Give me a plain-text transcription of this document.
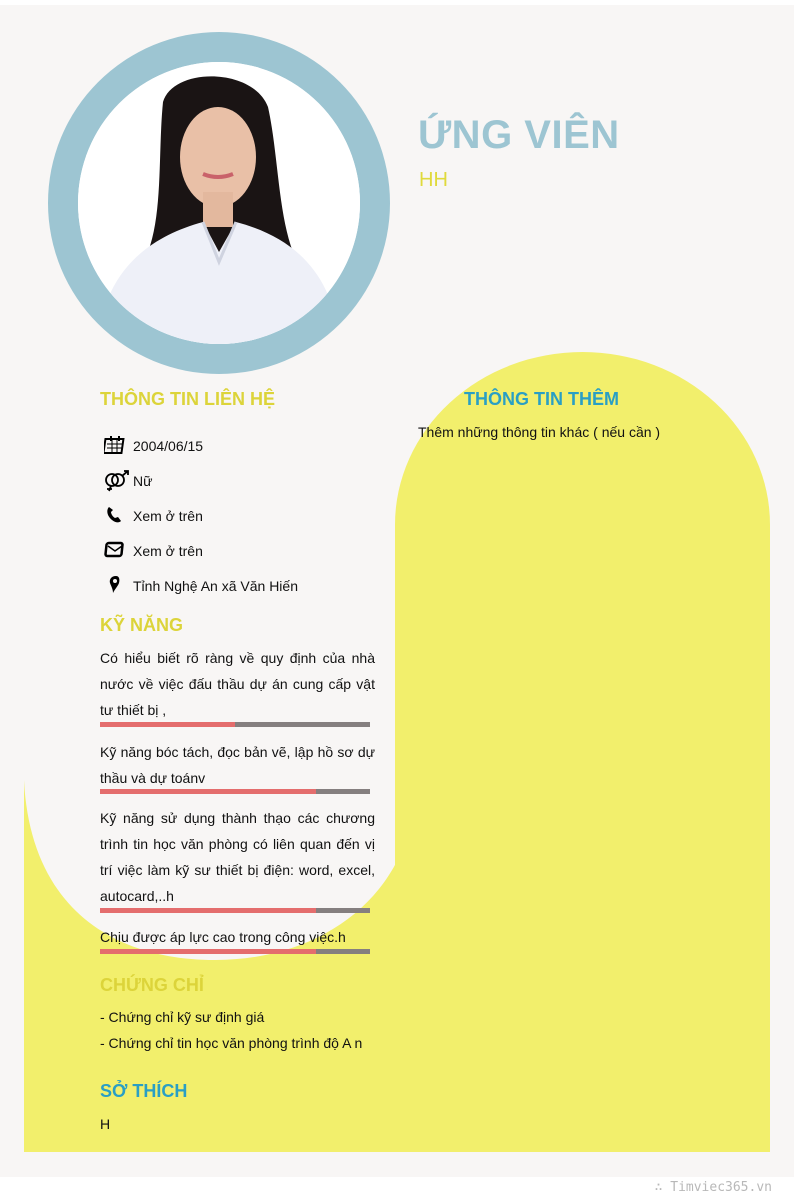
ỨNG VIÊN
HH
THÔNG TIN LIÊN HỆ
2004/06/15
Nữ
Xem ở trên
Xem ở trên
Tỉnh Nghệ An xã Văn Hiến
KỸ NĂNG
Có hiểu biết rõ ràng về quy định của nhà nước về việc đấu thầu dự án cung cấp vật tư thiết bị ,
Kỹ năng bóc tách, đọc bản vẽ, lập hồ sơ dự thầu và dự toánv
Kỹ năng sử dụng thành thạo các chương trình tin học văn phòng có liên quan đến vị trí việc làm kỹ sư thiết bị điện: word, excel, autocard,..h
Chịu được áp lực cao trong công việc.h
CHỨNG CHỈ
- Chứng chỉ kỹ sư định giá
- Chứng chỉ tin học văn phòng trình độ A n
SỞ THÍCH
H
THÔNG TIN THÊM
Thêm những thông tin khác ( nếu cần )
∴ Timviec365.vn
